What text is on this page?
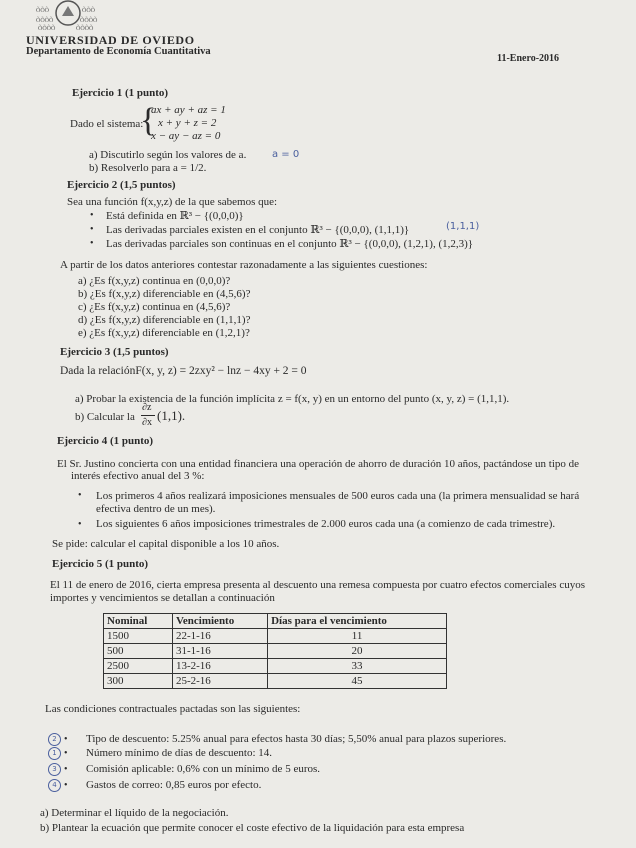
ÕÕÕ
ÕÕÕÕ
ÕÕÕ
ÕÕÕÕ
ÕÕÕÕ	ÕÕÕÕ
UNIVERSIDAD DE OVIEDO
Departamento de Economía Cuantitativa
11-Enero-2016
Ejercicio 1 (1 punto)
Dado el sistema:
{
ax + ay + az = 1
x + y + z = 2
x − ay − az = 0
a) Discutirlo según los valores de a.	a = 0
b) Resolverlo para a = 1/2.
Ejercicio 2 (1,5 puntos)
Sea una función f(x,y,z) de la que sabemos que:
• Está definida en ℝ³ − {(0,0,0)}
• Las derivadas parciales existen en el conjunto ℝ³ − {(0,0,0), (1,1,1)}	(1,1,1)
• Las derivadas parciales son continuas en el conjunto ℝ³ − {(0,0,0), (1,2,1), (1,2,3)}
A partir de los datos anteriores contestar razonadamente a las siguientes cuestiones:
a) ¿Es f(x,y,z) continua en (0,0,0)?
b) ¿Es f(x,y,z) diferenciable en (4,5,6)?
c) ¿Es f(x,y,z) continua en (4,5,6)?
d) ¿Es f(x,y,z) diferenciable en (1,1,1)?
e) ¿Es f(x,y,z) diferenciable en (1,2,1)?
Ejercicio 3 (1,5 puntos)
Dada la relaciónF(x, y, z) = 2zxy² − lnz − 4xy + 2 = 0
a) Probar la existencia de la función implícita z = f(x, y) en un entorno del punto (x, y, z) = (1,1,1).
b) Calcular la
∂z
∂x (1,1).
Ejercicio 4 (1 punto)
El Sr. Justino concierta con una entidad financiera una operación de ahorro de duración 10 años, pactándose un tipo de
interés efectivo anual del 3 %:
• Los primeros 4 años realizará imposiciones mensuales de 500 euros cada una (la primera mensualidad se hará
efectiva dentro de un mes).
• Los siguientes 6 años imposiciones trimestrales de 2.000 euros cada una (a comienzo de cada trimestre).
Se pide: calcular el capital disponible a los 10 años.
Ejercicio 5 (1 punto)
El 11 de enero de 2016, cierta empresa presenta al descuento una remesa compuesta por cuatro efectos comerciales cuyos
importes y vencimientos se detallan a continuación
Nominal	Vencimiento	Días para el vencimiento
1500	22-1-16	11
500	31-1-16	20
2500	13-2-16	33
300	25-2-16	45
Las condiciones contractuales pactadas son las siguientes:
2 • Tipo de descuento: 5.25% anual para efectos hasta 30 días; 5,50% anual para plazos superiores.
1 • Número mínimo de días de descuento: 14.
3 • Comisión aplicable: 0,6% con un mínimo de 5 euros.
4 • Gastos de correo: 0,85 euros por efecto.
a) Determinar el líquido de la negociación.
b) Plantear la ecuación que permite conocer el coste efectivo de la liquidación para esta empresa
